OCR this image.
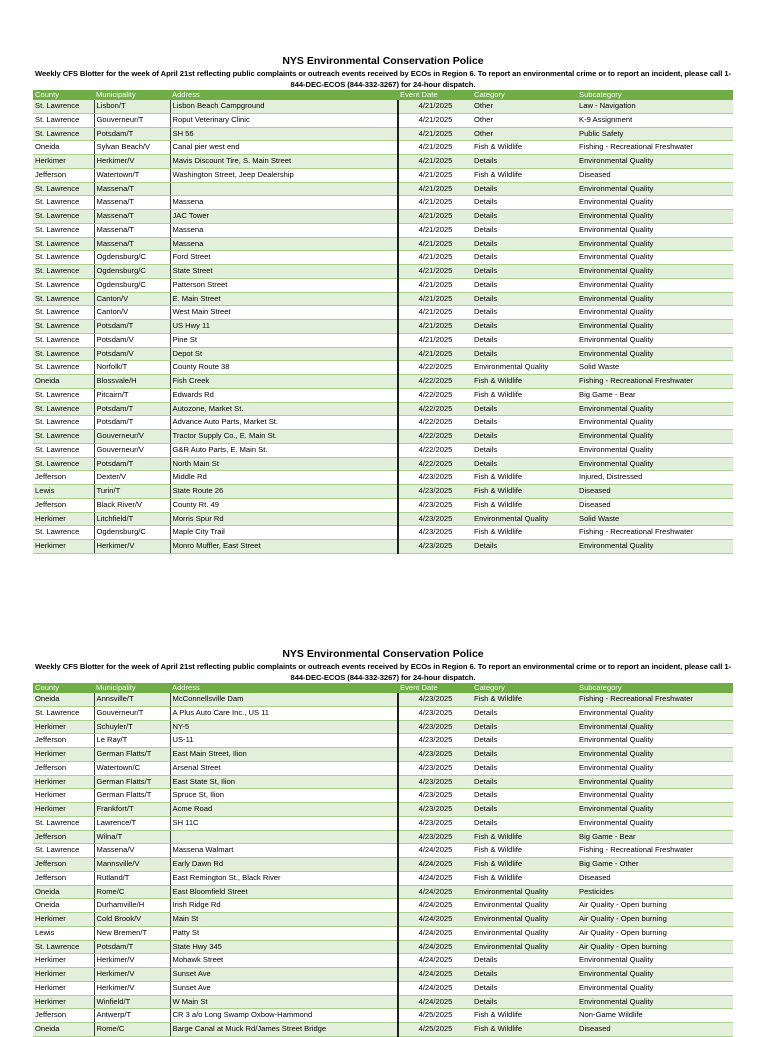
NYS Environmental Conservation Police
Weekly CFS Blotter for the week of April 21st reflecting public complaints or outreach events received by ECOs in Region 6. To report an environmental crime or to report an incident, please call 1-844-DEC-ECOS (844-332-3267) for 24-hour dispatch.
County	Municipality	Address	Event Date	Category	Subcategory
St. Lawrence	Lisbon/T	Lisbon Beach Campground	4/21/2025	Other	Law - Navigation
St. Lawrence	Gouverneur/T	Roput Veterinary Clinic	4/21/2025	Other	K-9 Assignment
St. Lawrence	Potsdam/T	SH 56	4/21/2025	Other	Public Safety
Oneida	Sylvan Beach/V	Canal pier west end	4/21/2025	Fish & Wildlife	Fishing - Recreational Freshwater
Herkimer	Herkimer/V	Mavis Discount Tire, S. Main Street	4/21/2025	Details	Environmental Quality
Jefferson	Watertown/T	Washington Street, Jeep Dealership	4/21/2025	Fish & Wildlife	Diseased
St. Lawrence	Massena/T		4/21/2025	Details	Environmental Quality
St. Lawrence	Massena/T	Massena	4/21/2025	Details	Environmental Quality
St. Lawrence	Massena/T	JAC Tower	4/21/2025	Details	Environmental Quality
St. Lawrence	Massena/T	Massena	4/21/2025	Details	Environmental Quality
St. Lawrence	Massena/T	Massena	4/21/2025	Details	Environmental Quality
St. Lawrence	Ogdensburg/C	Ford Street	4/21/2025	Details	Environmental Quality
St. Lawrence	Ogdensburg/C	State Street	4/21/2025	Details	Environmental Quality
St. Lawrence	Ogdensburg/C	Patterson Street	4/21/2025	Details	Environmental Quality
St. Lawrence	Canton/V	E. Main Street	4/21/2025	Details	Environmental Quality
St. Lawrence	Canton/V	West Main Street	4/21/2025	Details	Environmental Quality
St. Lawrence	Potsdam/T	US Hwy 11	4/21/2025	Details	Environmental Quality
St. Lawrence	Potsdam/V	Pine St	4/21/2025	Details	Environmental Quality
St. Lawrence	Potsdam/V	Depot St	4/21/2025	Details	Environmental Quality
St. Lawrence	Norfolk/T	County Route 38	4/22/2025	Environmental Quality	Solid Waste
Oneida	Blossvale/H	Fish Creek	4/22/2025	Fish & Wildlife	Fishing - Recreational Freshwater
St. Lawrence	Pitcairn/T	Edwards Rd	4/22/2025	Fish & Wildlife	Big Game - Bear
St. Lawrence	Potsdam/T	Autozone, Market St.	4/22/2025	Details	Environmental Quality
St. Lawrence	Potsdam/T	Advance Auto Parts, Market St.	4/22/2025	Details	Environmental Quality
St. Lawrence	Gouverneur/V	Tractor Supply Co., E. Main St.	4/22/2025	Details	Environmental Quality
St. Lawrence	Gouverneur/V	G&R Auto Parts, E. Main St.	4/22/2025	Details	Environmental Quality
St. Lawrence	Potsdam/T	North Main St	4/22/2025	Details	Environmental Quality
Jefferson	Dexter/V	Middle Rd	4/23/2025	Fish & Wildlife	Injured, Distressed
Lewis	Turin/T	State Route 26	4/23/2025	Fish & Wildlife	Diseased
Jefferson	Black River/V	County Rt. 49	4/23/2025	Fish & Wildlife	Diseased
Herkimer	Litchfield/T	Morris Spur Rd	4/23/2025	Environmental Quality	Solid Waste
St. Lawrence	Ogdensburg/C	Maple City Trail	4/23/2025	Fish & Wildlife	Fishing - Recreational Freshwater
Herkimer	Herkimer/V	Monro Muffler, East Street	4/23/2025	Details	Environmental Quality
NYS Environmental Conservation Police
Weekly CFS Blotter for the week of April 21st reflecting public complaints or outreach events received by ECOs in Region 6. To report an environmental crime or to report an incident, please call 1-844-DEC-ECOS (844-332-3267) for 24-hour dispatch.
County	Municipality	Address	Event Date	Category	Subcategory
Oneida	Annsville/T	McConnellsville Dam	4/23/2025	Fish & Wildlife	Fishing - Recreational Freshwater
St. Lawrence	Gouverneur/T	A Plus Auto Care Inc., US 11	4/23/2025	Details	Environmental Quality
Herkimer	Schuyler/T	NY-5	4/23/2025	Details	Environmental Quality
Jefferson	Le Ray/T	US-11	4/23/2025	Details	Environmental Quality
Herkimer	German Flatts/T	East Main Street, Ilion	4/23/2025	Details	Environmental Quality
Jefferson	Watertown/C	Arsenal Street	4/23/2025	Details	Environmental Quality
Herkimer	German Flatts/T	East State St, Ilion	4/23/2025	Details	Environmental Quality
Herkimer	German Flatts/T	Spruce St, Ilion	4/23/2025	Details	Environmental Quality
Herkimer	Frankfort/T	Acme Road	4/23/2025	Details	Environmental Quality
St. Lawrence	Lawrence/T	SH 11C	4/23/2025	Details	Environmental Quality
Jefferson	Wilna/T		4/23/2025	Fish & Wildlife	Big Game - Bear
St. Lawrence	Massena/V	Massena Walmart	4/24/2025	Fish & Wildlife	Fishing - Recreational Freshwater
Jefferson	Mannsville/V	Early Dawn Rd	4/24/2025	Fish & Wildlife	Big Game - Other
Jefferson	Rutland/T	East Remington St., Black River	4/24/2025	Fish & Wildlife	Diseased
Oneida	Rome/C	East Bloomfield Street	4/24/2025	Environmental Quality	Pesticides
Oneida	Durhamville/H	Irish Ridge Rd	4/24/2025	Environmental Quality	Air Quality - Open burning
Herkimer	Cold Brook/V	Main St	4/24/2025	Environmental Quality	Air Quality - Open burning
Lewis	New Bremen/T	Patty St	4/24/2025	Environmental Quality	Air Quality - Open burning
St. Lawrence	Potsdam/T	State Hwy 345	4/24/2025	Environmental Quality	Air Quality - Open burning
Herkimer	Herkimer/V	Mohawk Street	4/24/2025	Details	Environmental Quality
Herkimer	Herkimer/V	Sunset Ave	4/24/2025	Details	Environmental Quality
Herkimer	Herkimer/V	Sunset Ave	4/24/2025	Details	Environmental Quality
Herkimer	Winfield/T	W Main St	4/24/2025	Details	Environmental Quality
Jefferson	Antwerp/T	CR 3 a/o Long Swamp Oxbow-Hammond	4/25/2025	Fish & Wildlife	Non-Game Wildlife
Oneida	Rome/C	Barge Canal at Muck Rd/James Street Bridge	4/25/2025	Fish & Wildlife	Diseased
